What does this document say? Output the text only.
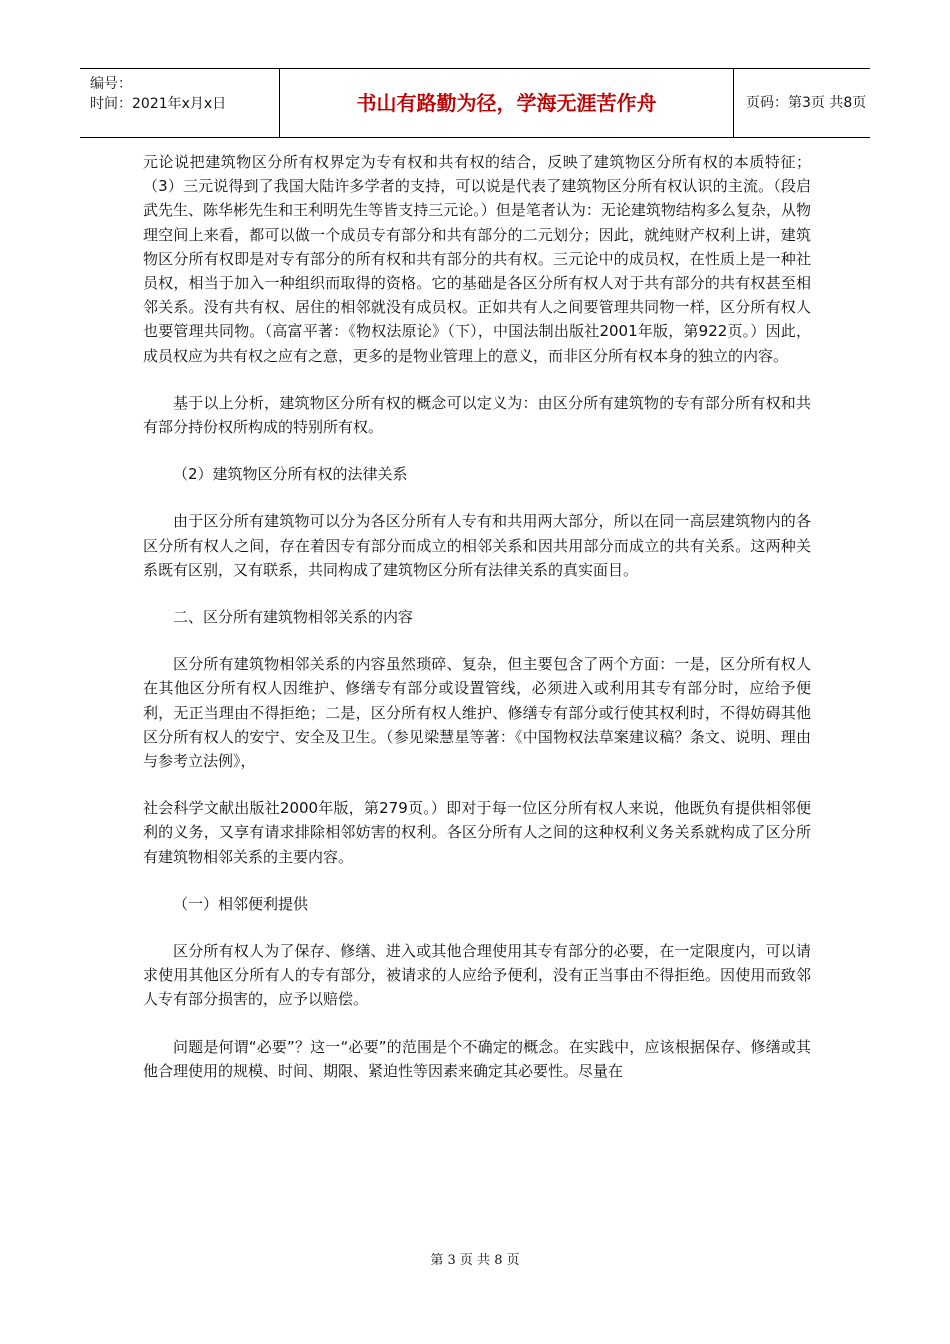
编号：
时间：2021年x月x日	书山有路勤为径，学海无涯苦作舟	页码：第3页 共8页

元论说把建筑物区分所有权界定为专有权和共有权的结合，反映了建筑物区分所有权的本质特征；（3）三元说得到了我国大陆许多学者的支持，可以说是代表了建筑物区分所有权认识的主流。（段启武先生、陈华彬先生和王利明先生等皆支持三元论。）但是笔者认为：无论建筑物结构多么复杂，从物理空间上来看，都可以做一个成员专有部分和共有部分的二元划分；因此，就纯财产权利上讲，建筑物区分所有权即是对专有部分的所有权和共有部分的共有权。三元论中的成员权，在性质上是一种社员权，相当于加入一种组织而取得的资格。它的基础是各区分所有权人对于共有部分的共有权甚至相邻关系。没有共有权、居住的相邻就没有成员权。正如共有人之间要管理共同物一样，区分所有权人也要管理共同物。（高富平著：《物权法原论》（下），中国法制出版社2001年版，第922页。）因此，成员权应为共有权之应有之意，更多的是物业管理上的意义，而非区分所有权本身的独立的内容。

基于以上分析，建筑物区分所有权的概念可以定义为：由区分所有建筑物的专有部分所有权和共有部分持份权所构成的特别所有权。

（2）建筑物区分所有权的法律关系

由于区分所有建筑物可以分为各区分所有人专有和共用两大部分，所以在同一高层建筑物内的各区分所有权人之间，存在着因专有部分而成立的相邻关系和因共用部分而成立的共有关系。这两种关系既有区别，又有联系，共同构成了建筑物区分所有法律关系的真实面目。

二、区分所有建筑物相邻关系的内容

区分所有建筑物相邻关系的内容虽然琐碎、复杂，但主要包含了两个方面：一是，区分所有权人在其他区分所有权人因维护、修缮专有部分或设置管线，必须进入或利用其专有部分时，应给予便利，无正当理由不得拒绝；二是，区分所有权人维护、修缮专有部分或行使其权利时，不得妨碍其他区分所有权人的安宁、安全及卫生。（参见梁慧星等著：《中国物权法草案建议稿？条文、说明、理由与参考立法例》，

社会科学文献出版社2000年版，第279页。）即对于每一位区分所有权人来说，他既负有提供相邻便利的义务，又享有请求排除相邻妨害的权利。各区分所有人之间的这种权利义务关系就构成了区分所有建筑物相邻关系的主要内容。

（一）相邻便利提供

区分所有权人为了保存、修缮、进入或其他合理使用其专有部分的必要，在一定限度内，可以请求使用其他区分所有人的专有部分，被请求的人应给予便利，没有正当事由不得拒绝。因使用而致邻人专有部分损害的，应予以赔偿。

问题是何谓“必要”？这一“必要”的范围是个不确定的概念。在实践中，应该根据保存、修缮或其他合理使用的规模、时间、期限、紧迫性等因素来确定其必要性。尽量在

第 3 页 共 8 页
